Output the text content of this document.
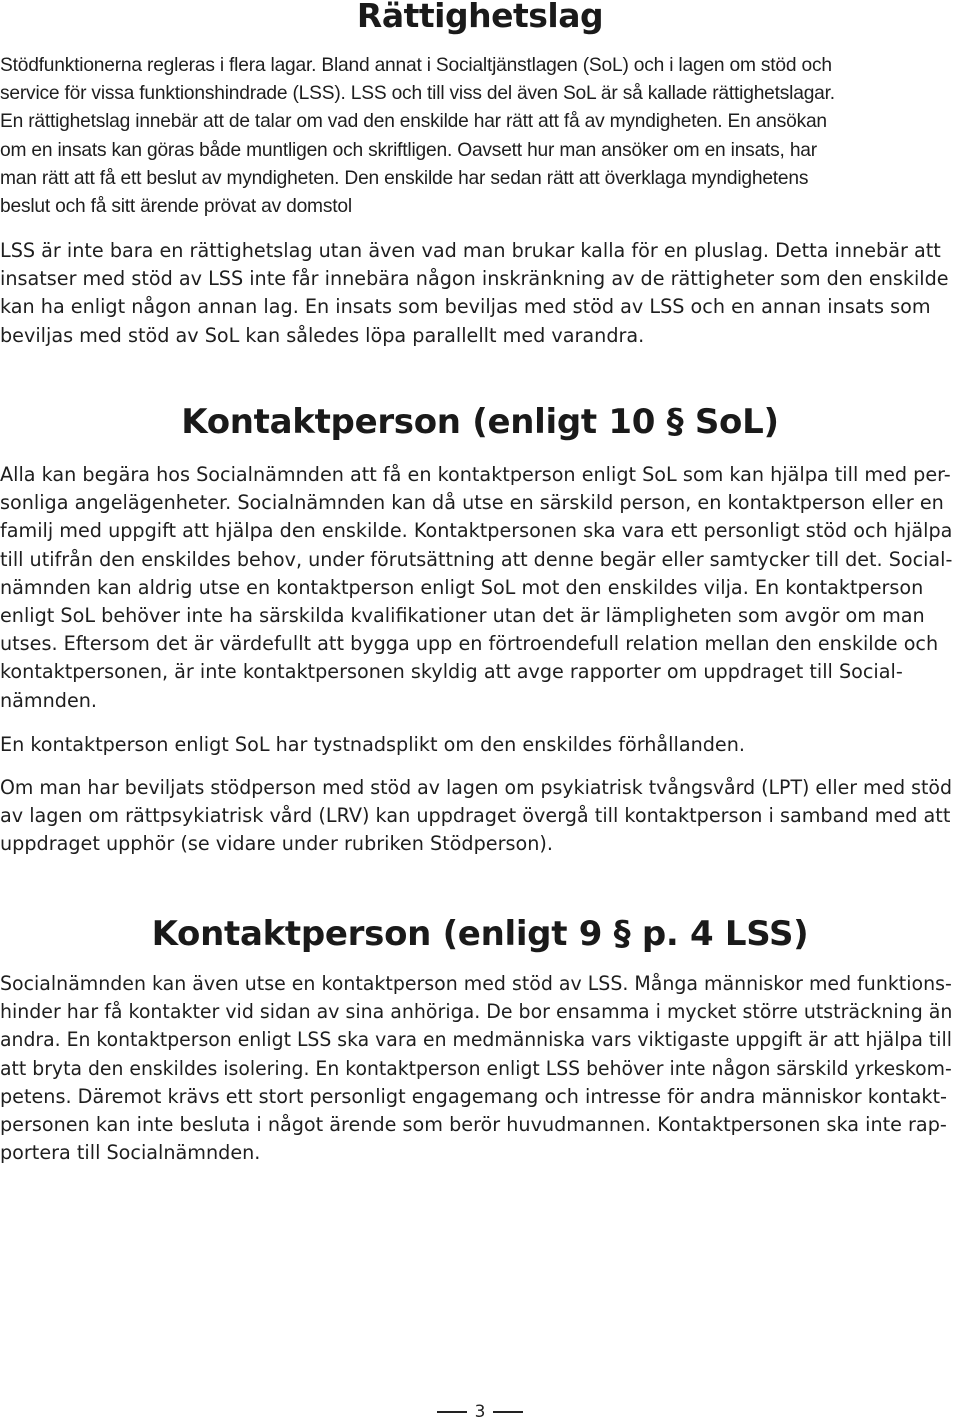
Rättighetslag
Stödfunktionerna regleras i flera lagar. Bland annat i Socialtjänstlagen (SoL) och i lagen om stöd och
service för vissa funktionshindrade (LSS). LSS och till viss del även SoL är så kallade rättighetslagar.
En rättighetslag innebär att de talar om vad den enskilde har rätt att få av myndigheten. En ansökan
om en insats kan göras både muntligen och skriftligen. Oavsett hur man ansöker om en insats, har
man rätt att få ett beslut av myndigheten. Den enskilde har sedan rätt att överklaga myndighetens
beslut och få sitt ärende prövat av domstol
LSS är inte bara en rättighetslag utan även vad man brukar kalla för en pluslag. Detta innebär att
insatser med stöd av LSS inte får innebära någon inskränkning av de rättigheter som den enskilde
kan ha enligt någon annan lag. En insats som beviljas med stöd av LSS och en annan insats som
beviljas med stöd av SoL kan således löpa parallellt med varandra.
Kontaktperson (enligt 10 § SoL)
Alla kan begära hos Socialnämnden att få en kontaktperson enligt SoL som kan hjälpa till med per-
sonliga angelägenheter. Socialnämnden kan då utse en särskild person, en kontaktperson eller en
familj med uppgift att hjälpa den enskilde. Kontaktpersonen ska vara ett personligt stöd och hjälpa
till utifrån den enskildes behov, under förutsättning att denne begär eller samtycker till det. Social-
nämnden kan aldrig utse en kontaktperson enligt SoL mot den enskildes vilja. En kontaktperson
enligt SoL behöver inte ha särskilda kvalifikationer utan det är lämpligheten som avgör om man
utses. Eftersom det är värdefullt att bygga upp en förtroendefull relation mellan den enskilde och
kontaktpersonen, är inte kontaktpersonen skyldig att avge rapporter om uppdraget till Social-
nämnden.
En kontaktperson enligt SoL har tystnadsplikt om den enskildes förhållanden.
Om man har beviljats stödperson med stöd av lagen om psykiatrisk tvångsvård (LPT) eller med stöd
av lagen om rättpsykiatrisk vård (LRV) kan uppdraget övergå till kontaktperson i samband med att
uppdraget upphör (se vidare under rubriken Stödperson).
Kontaktperson (enligt 9 § p. 4 LSS)
Socialnämnden kan även utse en kontaktperson med stöd av LSS. Många människor med funktions-
hinder har få kontakter vid sidan av sina anhöriga. De bor ensamma i mycket större utsträckning än
andra. En kontaktperson enligt LSS ska vara en medmänniska vars viktigaste uppgift är att hjälpa till
att bryta den enskildes isolering. En kontaktperson enligt LSS behöver inte någon särskild yrkeskom-
petens. Däremot krävs ett stort personligt engagemang och intresse för andra människor kontakt-
personen kan inte besluta i något ärende som berör huvudmannen. Kontaktpersonen ska inte rap-
portera till Socialnämnden.
3
